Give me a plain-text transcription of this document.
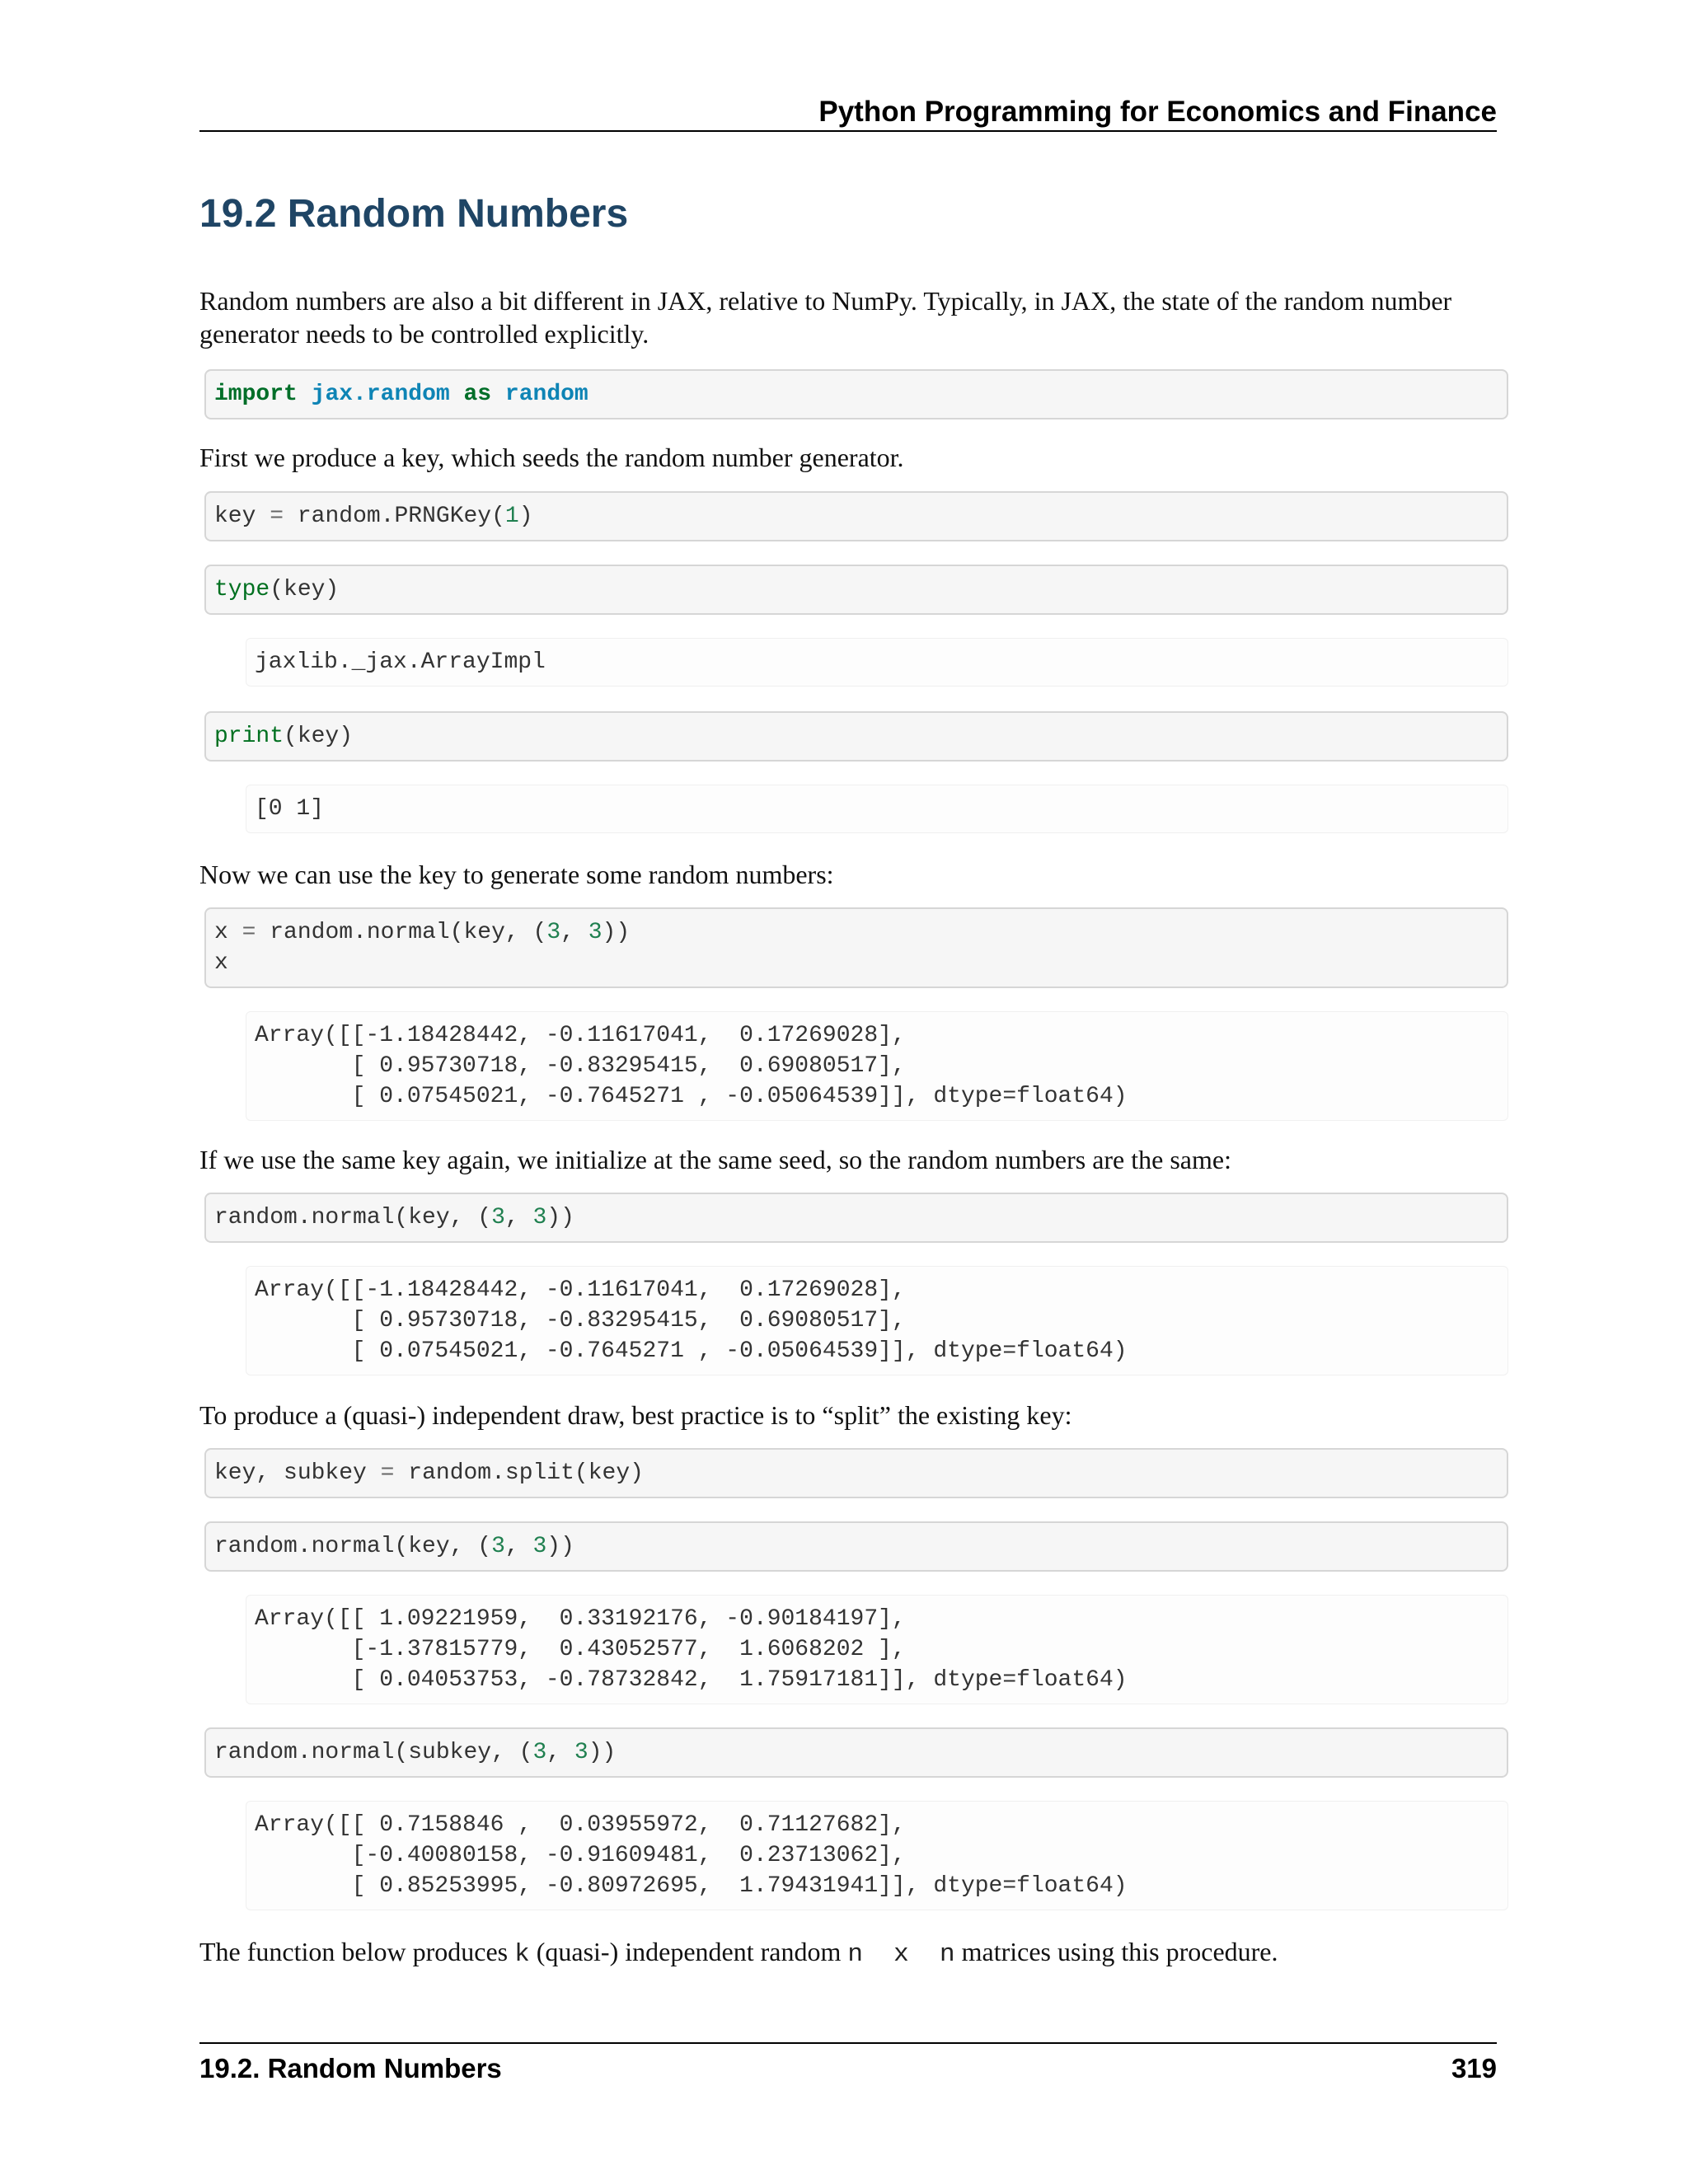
Python Programming for Economics and Finance
19.2 Random Numbers

Random numbers are also a bit different in JAX, relative to NumPy. Typically, in JAX, the state of the random number generator needs to be controlled explicitly.

import jax.random as random

First we produce a key, which seeds the random number generator.

key = random.PRNGKey(1)
type(key)
jaxlib._jax.ArrayImpl
print(key)
[0 1]

Now we can use the key to generate some random numbers:

x = random.normal(key, (3, 3))
x
Array([[-1.18428442, -0.11617041,  0.17269028],
[ 0.95730718, -0.83295415,  0.69080517],
[ 0.07545021, -0.7645271 , -0.05064539]], dtype=float64)

If we use the same key again, we initialize at the same seed, so the random numbers are the same:

random.normal(key, (3, 3))
Array([[-1.18428442, -0.11617041,  0.17269028],
[ 0.95730718, -0.83295415,  0.69080517],
[ 0.07545021, -0.7645271 , -0.05064539]], dtype=float64)

To produce a (quasi-) independent draw, best practice is to “split” the existing key:

key, subkey = random.split(key)
random.normal(key, (3, 3))
Array([[ 1.09221959,  0.33192176, -0.90184197],
[-1.37815779,  0.43052577,  1.6068202 ],
[ 0.04053753, -0.78732842,  1.75917181]], dtype=float64)
random.normal(subkey, (3, 3))
Array([[ 0.7158846 ,  0.03955972,  0.71127682],
[-0.40080158, -0.91609481,  0.23713062],
[ 0.85253995, -0.80972695,  1.79431941]], dtype=float64)

The function below produces k (quasi-) independent random n  x  n matrices using this procedure.

19.2. Random Numbers	319
